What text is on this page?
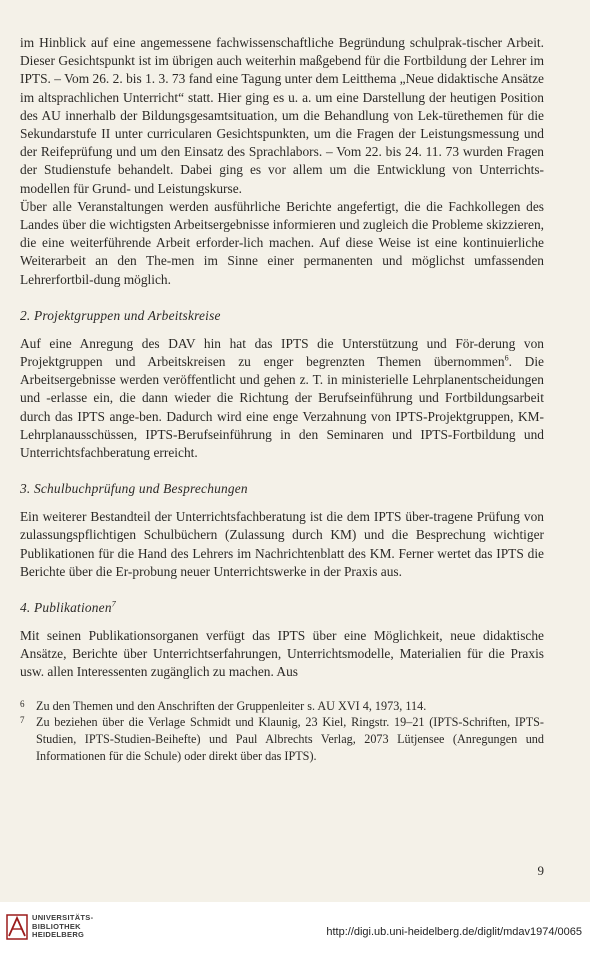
im Hinblick auf eine angemessene fachwissenschaftliche Begründung schulprak-tischer Arbeit. Dieser Gesichtspunkt ist im übrigen auch weiterhin maßgebend für die Fortbildung der Lehrer im IPTS. – Vom 26. 2. bis 1. 3. 73 fand eine Tagung unter dem Leitthema „Neue didaktische Ansätze im altsprachlichen Unterricht“ statt. Hier ging es u. a. um eine Darstellung der heutigen Position des AU innerhalb der Bildungsgesamtsituation, um die Behandlung von Lek-türethemen für die Sekundarstufe II unter curricularen Gesichtspunkten, um die Fragen der Leistungsmessung und der Reifeprüfung und um den Einsatz des Sprachlabors. – Vom 22. bis 24. 11. 73 wurden Fragen der Studienstufe behandelt. Dabei ging es vor allem um die Entwicklung von Unterrichts-modellen für Grund- und Leistungskurse.

Über alle Veranstaltungen werden ausführliche Berichte angefertigt, die die Fachkollegen des Landes über die wichtigsten Arbeitsergebnisse informieren und zugleich die Probleme skizzieren, die eine weiterführende Arbeit erforder-lich machen. Auf diese Weise ist eine kontinuierliche Weiterarbeit an den The-men im Sinne einer permanenten und möglichst umfassenden Lehrerfortbil-dung möglich.

2. Projektgruppen und Arbeitskreise

Auf eine Anregung des DAV hin hat das IPTS die Unterstützung und För-derung von Projektgruppen und Arbeitskreisen zu enger begrenzten Themen übernommen$^6$. Die Arbeitsergebnisse werden veröffentlicht und gehen z. T. in ministerielle Lehrplanentscheidungen und -erlasse ein, die dann wieder die Richtung der Berufseinführung und Fortbildungsarbeit durch das IPTS ange-ben. Dadurch wird eine enge Verzahnung von IPTS-Projektgruppen, KM-Lehrplanausschüssen, IPTS-Berufseinführung in den Seminaren und IPTS-Fortbildung und Unterrichtsfachberatung erreicht.

3. Schulbuchprüfung und Besprechungen

Ein weiterer Bestandteil der Unterrichtsfachberatung ist die dem IPTS über-tragene Prüfung von zulassungspflichtigen Schulbüchern (Zulassung durch KM) und die Besprechung wichtiger Publikationen für die Hand des Lehrers im Nachrichtenblatt des KM. Ferner wertet das IPTS die Berichte über die Er-probung neuer Unterrichtswerke in der Praxis aus.

4. Publikationen$^7$

Mit seinen Publikationsorganen verfügt das IPTS über eine Möglichkeit, neue didaktische Ansätze, Berichte über Unterrichtserfahrungen, Unterrichtsmodelle, Materialien für die Praxis usw. allen Interessenten zugänglich zu machen. Aus

6 Zu den Themen und den Anschriften der Gruppenleiter s. AU XVI 4, 1973, 114.

7 Zu beziehen über die Verlage Schmidt und Klaunig, 23 Kiel, Ringstr. 19–21 (IPTS-Schriften, IPTS-Studien, IPTS-Studien-Beihefte) und Paul Albrechts Verlag, 2073 Lütjensee (Anregungen und Informationen für die Schule) oder direkt über das IPTS).

9
UNIVERSITÄTS-
BIBLIOTHEK
HEIDELBERG	http://digi.ub.uni-heidelberg.de/diglit/mdav1974/0065
